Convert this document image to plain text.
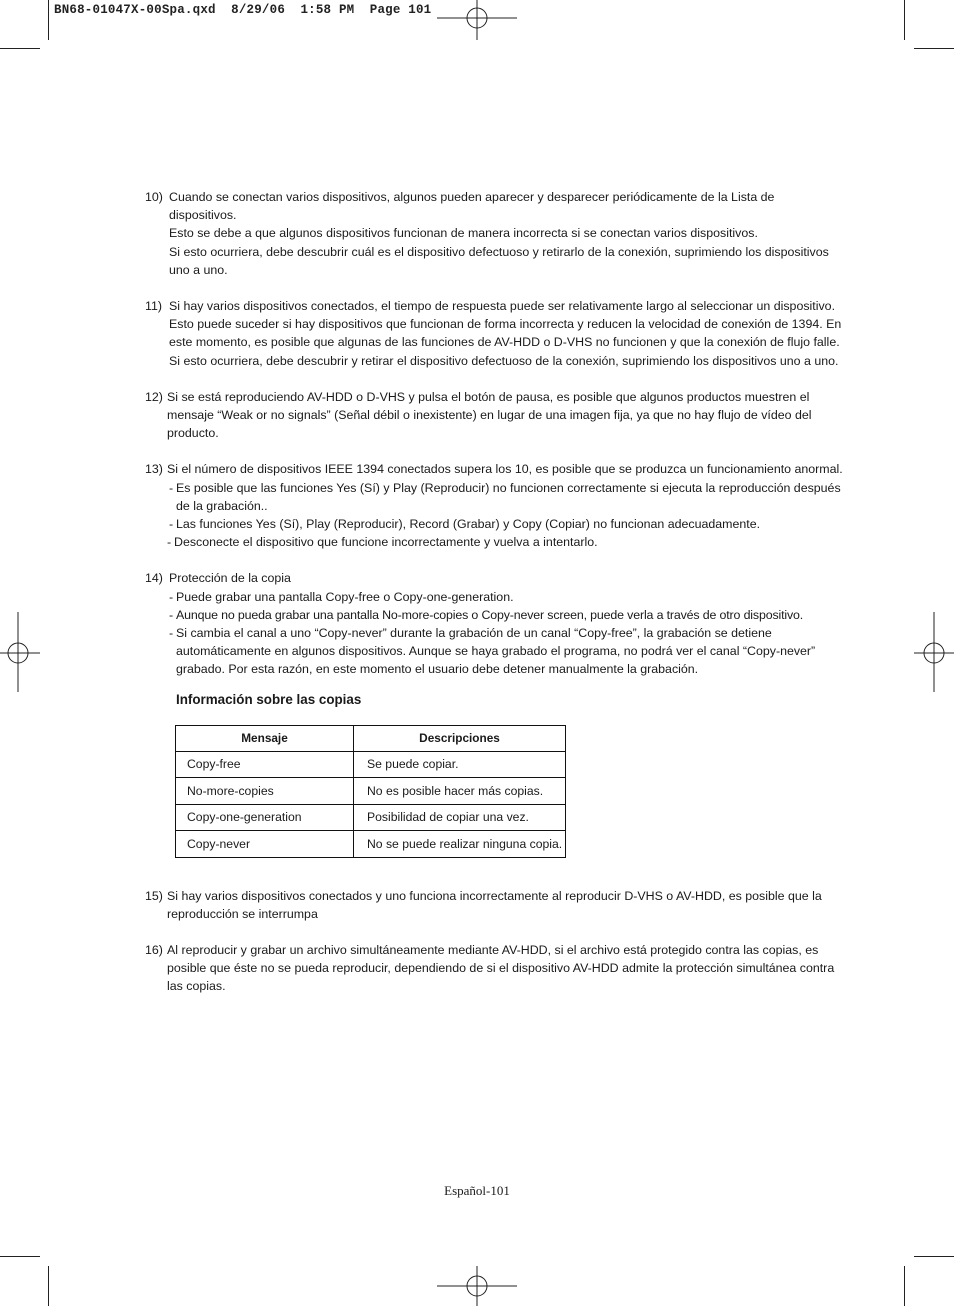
BN68-01047X-00Spa.qxd  8/29/06  1:58 PM  Page 101
10) Cuando se conectan varios dispositivos, algunos pueden aparecer y desparecer periódicamente de la Lista de dispositivos.

Esto se debe a que algunos dispositivos funcionan de manera incorrecta si se conectan varios dispositivos.

Si esto ocurriera, debe descubrir cuál es el dispositivo defectuoso y retirarlo de la conexión, suprimiendo los dispositivos uno a uno.

11) Si hay varios dispositivos conectados, el tiempo de respuesta puede ser relativamente largo al seleccionar un dispositivo. Esto puede suceder si hay dispositivos que funcionan de forma incorrecta y reducen la velocidad de conexión de 1394. En este momento, es posible que algunas de las funciones de AV-HDD o D-VHS no funcionen y que la conexión de flujo falle. Si esto ocurriera, debe descubrir y retirar el dispositivo defectuoso de la conexión, suprimiendo los dispositivos uno a uno.

12) Si se está reproduciendo AV-HDD o D-VHS y pulsa el botón de pausa, es posible que algunos productos muestren el mensaje “Weak or no signals” (Señal débil o inexistente) en lugar de una imagen fija, ya que no hay flujo de vídeo del producto.

13) Si el número de dispositivos IEEE 1394 conectados supera los 10, es posible que se produzca un funcionamiento anormal.

- Es posible que las funciones Yes (Sí) y Play (Reproducir) no funcionen correctamente si ejecuta la reproducción después de la grabación..
- Las funciones Yes (Sí), Play (Reproducir), Record (Grabar) y Copy (Copiar) no funcionan adecuadamente.
- Desconecte el dispositivo que funcione incorrectamente y vuelva a intentarlo.
14) Protección de la copia

- Puede grabar una pantalla Copy-free o Copy-one-generation.
- Aunque no pueda grabar una pantalla No-more-copies o Copy-never screen, puede verla a través de otro dispositivo.
- Si cambia el canal a uno “Copy-never” durante la grabación de un canal “Copy-free”, la grabación se detiene automáticamente en algunos dispositivos. Aunque se haya grabado el programa, no podrá ver el canal “Copy-never” grabado. Por esta razón, en este momento el usuario debe detener manualmente la grabación.
Información sobre las copias
Mensaje	Descripciones
Copy-free	Se puede copiar.
No-more-copies	No es posible hacer más copias.
Copy-one-generation	Posibilidad de copiar una vez.
Copy-never	No se puede realizar ninguna copia.
15) Si hay varios dispositivos conectados y uno funciona incorrectamente al reproducir D-VHS o AV-HDD, es posible que la reproducción se interrumpa

16) Al reproducir y grabar un archivo simultáneamente mediante AV-HDD, si el archivo está protegido contra las copias, es posible que éste no se pueda reproducir, dependiendo de si el dispositivo AV-HDD admite la protección simultánea contra las copias.

Español-101
